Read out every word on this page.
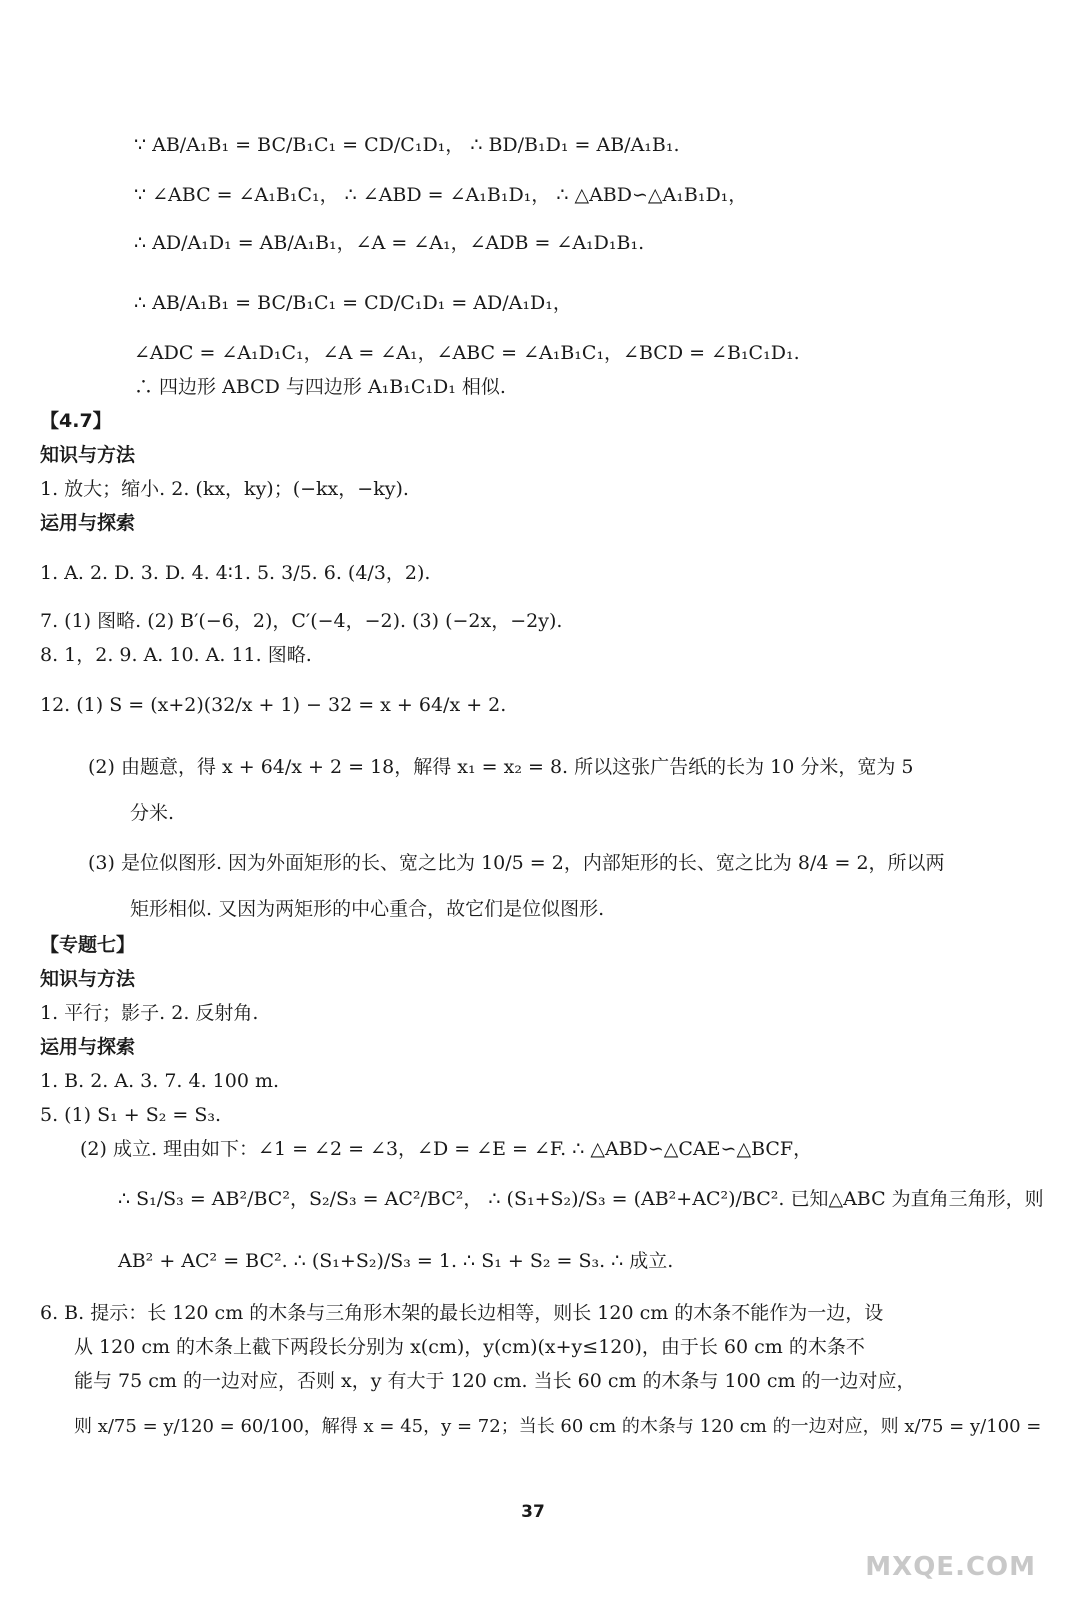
∵ AB/A₁B₁ = BC/B₁C₁ = CD/C₁D₁， ∴ BD/B₁D₁ = AB/A₁B₁.
∵ ∠ABC = ∠A₁B₁C₁， ∴ ∠ABD = ∠A₁B₁D₁， ∴ △ABD∽△A₁B₁D₁，
∴ AD/A₁D₁ = AB/A₁B₁，∠A = ∠A₁，∠ADB = ∠A₁D₁B₁.
∴ AB/A₁B₁ = BC/B₁C₁ = CD/C₁D₁ = AD/A₁D₁，
∠ADC = ∠A₁D₁C₁，∠A = ∠A₁，∠ABC = ∠A₁B₁C₁，∠BCD = ∠B₁C₁D₁.
∴ 四边形 ABCD 与四边形 A₁B₁C₁D₁ 相似.
【4.7】
知识与方法
1. 放大；缩小. 2. (kx，ky)；(−kx，−ky).
运用与探索
1. A. 2. D. 3. D. 4. 4∶1. 5. 3/5. 6. (4/3，2).
7. (1) 图略. (2) B′(−6，2)，C′(−4，−2). (3) (−2x，−2y).
8. 1，2. 9. A. 10. A. 11. 图略.
12. (1) S = (x+2)(32/x + 1) − 32 = x + 64/x + 2.
(2) 由题意，得 x + 64/x + 2 = 18，解得 x₁ = x₂ = 8. 所以这张广告纸的长为 10 分米，宽为 5
分米.
(3) 是位似图形. 因为外面矩形的长、宽之比为 10/5 = 2，内部矩形的长、宽之比为 8/4 = 2，所以两
矩形相似. 又因为两矩形的中心重合，故它们是位似图形.
【专题七】
知识与方法
1. 平行；影子. 2. 反射角.
运用与探索
1. B. 2. A. 3. 7. 4. 100 m.
5. (1) S₁ + S₂ = S₃.
(2) 成立. 理由如下：∠1 = ∠2 = ∠3，∠D = ∠E = ∠F. ∴ △ABD∽△CAE∽△BCF，
∴ S₁/S₃ = AB²/BC²，S₂/S₃ = AC²/BC²， ∴ (S₁+S₂)/S₃ = (AB²+AC²)/BC². 已知△ABC 为直角三角形，则
AB² + AC² = BC². ∴ (S₁+S₂)/S₃ = 1. ∴ S₁ + S₂ = S₃. ∴ 成立.
6. B. 提示：长 120 cm 的木条与三角形木架的最长边相等，则长 120 cm 的木条不能作为一边，设
从 120 cm 的木条上截下两段长分别为 x(cm)，y(cm)(x+y≤120)，由于长 60 cm 的木条不
能与 75 cm 的一边对应，否则 x，y 有大于 120 cm. 当长 60 cm 的木条与 100 cm 的一边对应，
则 x/75 = y/120 = 60/100，解得 x = 45，y = 72；当长 60 cm 的木条与 120 cm 的一边对应，则 x/75 = y/100 =
37
MXQE.COM
